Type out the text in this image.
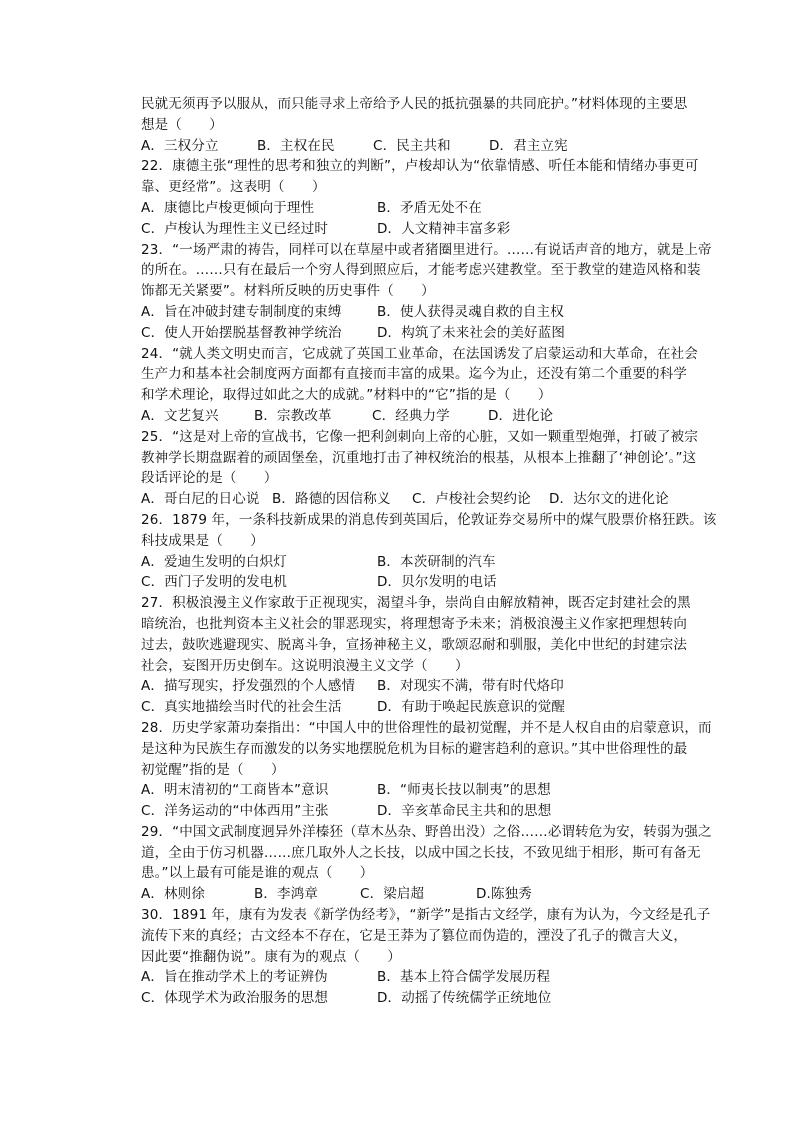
民就无须再予以服从，而只能寻求上帝给予人民的抵抗强暴的共同庇护。”材料体现的主要思
想是（　　）
A．三权分立	B．主权在民	C．民主共和	D．君主立宪
22．康德主张“理性的思考和独立的判断”，卢梭却认为“依靠情感、听任本能和情绪办事更可
靠、更经常”。这表明（　　）
A．康德比卢梭更倾向于理性	B．矛盾无处不在
C．卢梭认为理性主义已经过时	D．人文精神丰富多彩
23．“一场严肃的祷告，同样可以在草屋中或者猪圈里进行。……有说话声音的地方，就是上帝
的所在。……只有在最后一个穷人得到照应后，才能考虑兴建教堂。至于教堂的建造风格和装
饰都无关紧要”。材料所反映的历史事件（　　）
A．旨在冲破封建专制制度的束缚	B．使人获得灵魂自救的自主权
C．使人开始摆脱基督教神学统治	D．构筑了未来社会的美好蓝图
24．“就人类文明史而言，它成就了英国工业革命，在法国诱发了启蒙运动和大革命，在社会
生产力和基本社会制度两方面都有直接而丰富的成果。迄今为止，还没有第二个重要的科学
和学术理论，取得过如此之大的成就。”材料中的“它”指的是（　　）
A．文艺复兴	B．宗教改革	C．经典力学	D．进化论
25．“这是对上帝的宣战书，它像一把利剑刺向上帝的心脏，又如一颗重型炮弹，打破了被宗
教神学长期盘踞着的顽固堡垒，沉重地打击了神权统治的根基，从根本上推翻了‘神创论’。”这
段话评论的是（　　）
A．哥白尼的日心说 B．路德的因信称义 C．卢梭社会契约论 D．达尔文的进化论
26．1879 年，一条科技新成果的消息传到英国后，伦敦证券交易所中的煤气股票价格狂跌。该
科技成果是（　　）
A．爱迪生发明的白炽灯	B．本茨研制的汽车
C．西门子发明的发电机	D．贝尔发明的电话
27．积极浪漫主义作家敢于正视现实，渴望斗争，崇尚自由解放精神，既否定封建社会的黑
暗统治，也批判资本主义社会的罪恶现实，将理想寄予未来；消极浪漫主义作家把理想转向
过去，鼓吹逃避现实、脱离斗争，宣扬神秘主义，歌颂忍耐和驯服，美化中世纪的封建宗法
社会，妄图开历史倒车。这说明浪漫主义文学（　　）
A．描写现实，抒发强烈的个人感情 B．对现实不满，带有时代烙印
C．真实地描绘当时代的社会生活	D．有助于唤起民族意识的觉醒
28．历史学家萧功秦指出：“中国人中的世俗理性的最初觉醒，并不是人权自由的启蒙意识，而
是这种为民族生存而激发的以务实地摆脱危机为目标的避害趋利的意识。”其中世俗理性的最
初觉醒”指的是（　　）
A．明末清初的“工商皆本”意识	B．“师夷长技以制夷”的思想
C．洋务运动的“中体西用”主张	D．辛亥革命民主共和的思想
29．“中国文武制度迥异外洋榛狉（草木丛杂、野兽出没）之俗……必谓转危为安，转弱为强之
道，全由于仿习机器……庶几取外人之长技，以成中国之长技，不致见绌于相形，斯可有备无
患。”以上最有可能是谁的观点（　　）
A．林则徐	B．李鸿章	C．梁启超	D.陈独秀
30．1891 年，康有为发表《新学伪经考》，“新学”是指古文经学，康有为认为，今文经是孔子
流传下来的真经；古文经本不存在，它是王莽为了篡位而伪造的，湮没了孔子的微言大义，
因此要“推翻伪说”。康有为的观点（　　）
A．旨在推动学术上的考证辨伪	B．基本上符合儒学发展历程
C．体现学术为政治服务的思想	D．动摇了传统儒学正统地位
